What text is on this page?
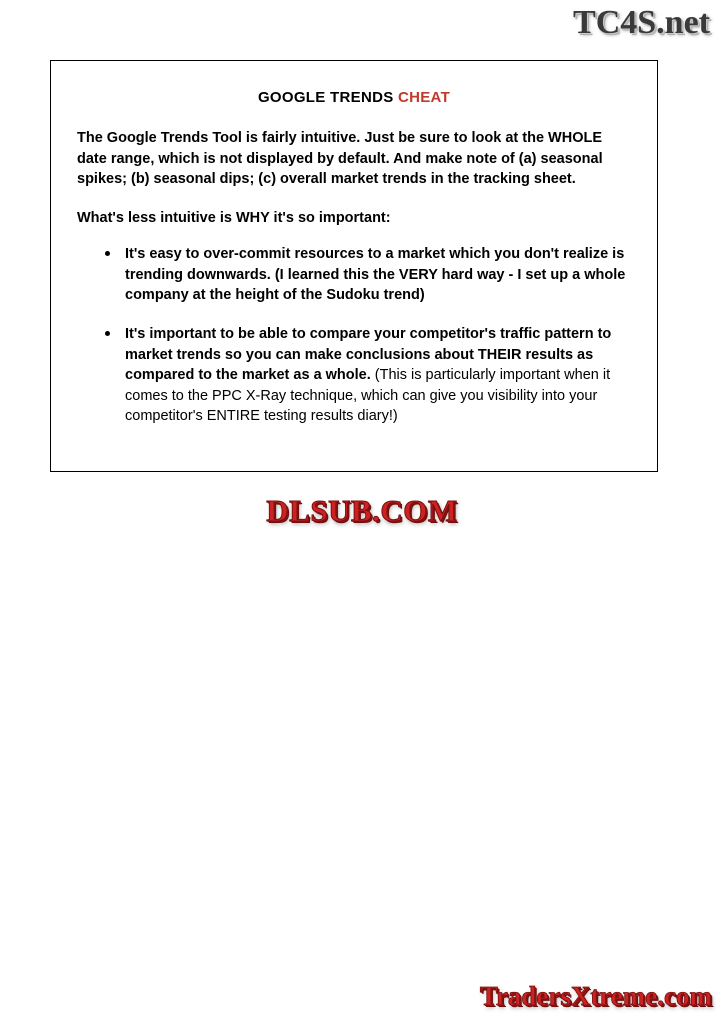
TC4S.net
GOOGLE TRENDS CHEAT

The Google Trends Tool is fairly intuitive. Just be sure to look at the WHOLE date range, which is not displayed by default. And make note of (a) seasonal spikes; (b) seasonal dips; (c) overall market trends in the tracking sheet.

What's less intuitive is WHY it's so important:

It's easy to over-commit resources to a market which you don't realize is trending downwards. (I learned this the VERY hard way - I set up a whole company at the height of the Sudoku trend)
It's important to be able to compare your competitor's traffic pattern to market trends so you can make conclusions about THEIR results as compared to the market as a whole. (This is particularly important when it comes to the PPC X-Ray technique, which can give you visibility into your competitor's ENTIRE testing results diary!)
DLSUB.COM
TradersXtreme.com
